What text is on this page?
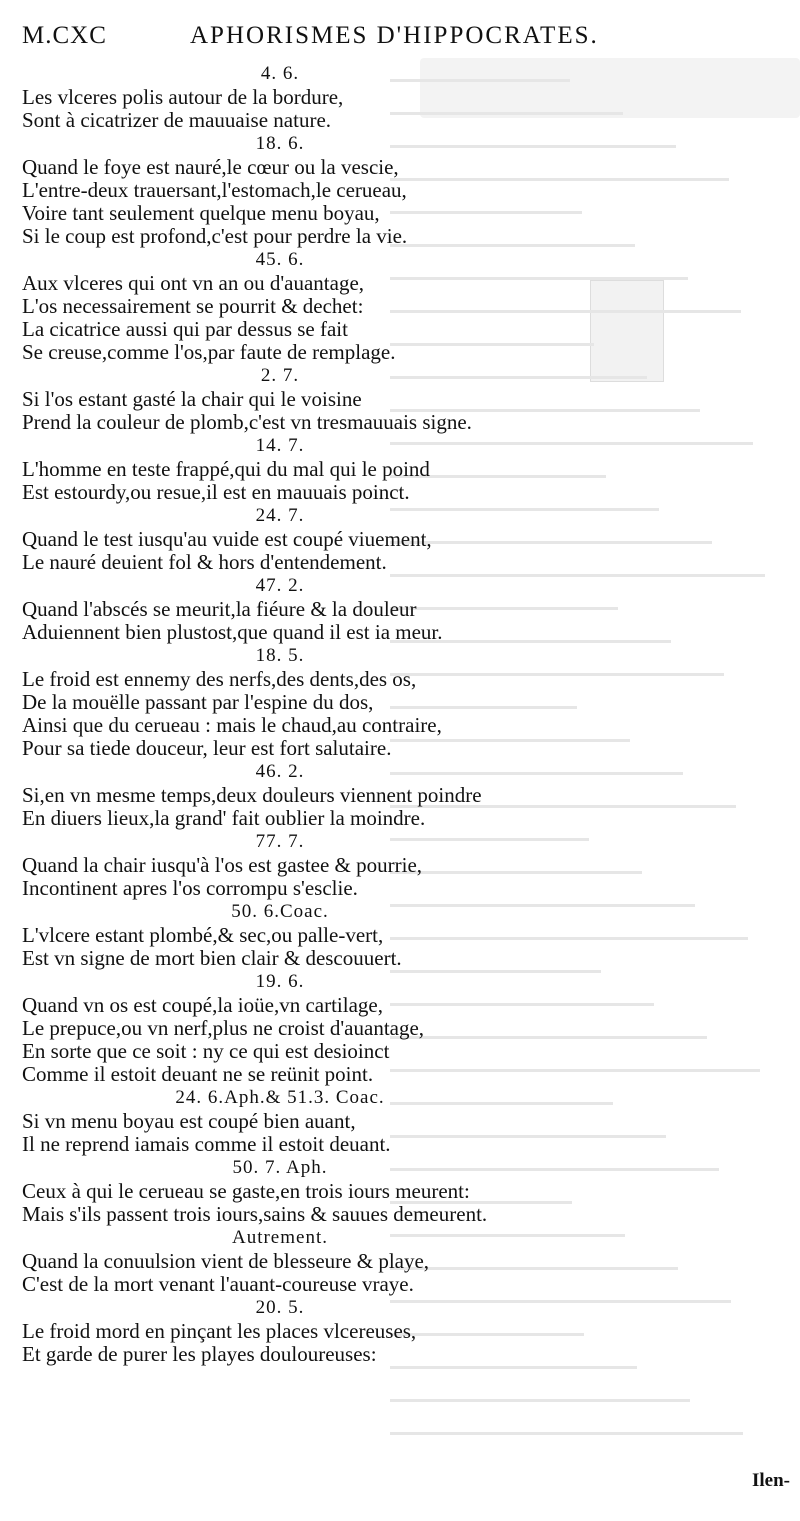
M.CXC	APHORISMES D'HIPPOCRATES.
4. 6.
Les vlceres polis autour de la bordure,
Sont à cicatrizer de mauuaise nature.
18. 6.
Quand le foye est nauré,le cœur ou la vescie,
L'entre-deux trauersant,l'estomach,le cerueau,
Voire tant seulement quelque menu boyau,
Si le coup est profond,c'est pour perdre la vie.
45. 6.
Aux vlceres qui ont vn an ou d'auantage,
L'os necessairement se pourrit & dechet:
La cicatrice aussi qui par dessus se fait
Se creuse,comme l'os,par faute de remplage.
2. 7.
Si l'os estant gasté la chair qui le voisine
Prend la couleur de plomb,c'est vn tresmauuais signe.
14. 7.
L'homme en teste frappé,qui du mal qui le poind
Est estourdy,ou resue,il est en mauuais poinct.
24. 7.
Quand le test iusqu'au vuide est coupé viuement,
Le nauré deuient fol & hors d'entendement.
47. 2.
Quand l'abscés se meurit,la fiéure & la douleur
Aduiennent bien plustost,que quand il est ia meur.
18. 5.
Le froid est ennemy des nerfs,des dents,des os,
De la mouëlle passant par l'espine du dos,
Ainsi que du cerueau : mais le chaud,au contraire,
Pour sa tiede douceur, leur est fort salutaire.
46. 2.
Si,en vn mesme temps,deux douleurs viennent poindre
En diuers lieux,la grand' fait oublier la moindre.
77. 7.
Quand la chair iusqu'à l'os est gastee & pourrie,
Incontinent apres l'os corrompu s'esclie.
50. 6.Coac.
L'vlcere estant plombé,& sec,ou palle-vert,
Est vn signe de mort bien clair & descouuert.
19. 6.
Quand vn os est coupé,la ioüe,vn cartilage,
Le prepuce,ou vn nerf,plus ne croist d'auantage,
En sorte que ce soit : ny ce qui est desioinct
Comme il estoit deuant ne se reünit point.
24. 6.Aph.& 51.3. Coac.
Si vn menu boyau est coupé bien auant,
Il ne reprend iamais comme il estoit deuant.
50. 7. Aph.
Ceux à qui le cerueau se gaste,en trois iours meurent:
Mais s'ils passent trois iours,sains & sauues demeurent.
Autrement.
Quand la conuulsion vient de blesseure & playe,
C'est de la mort venant l'auant-coureuse vraye.
20. 5.
Le froid mord en pinçant les places vlcereuses,
Et garde de purer les playes douloureuses:
Ilen-
